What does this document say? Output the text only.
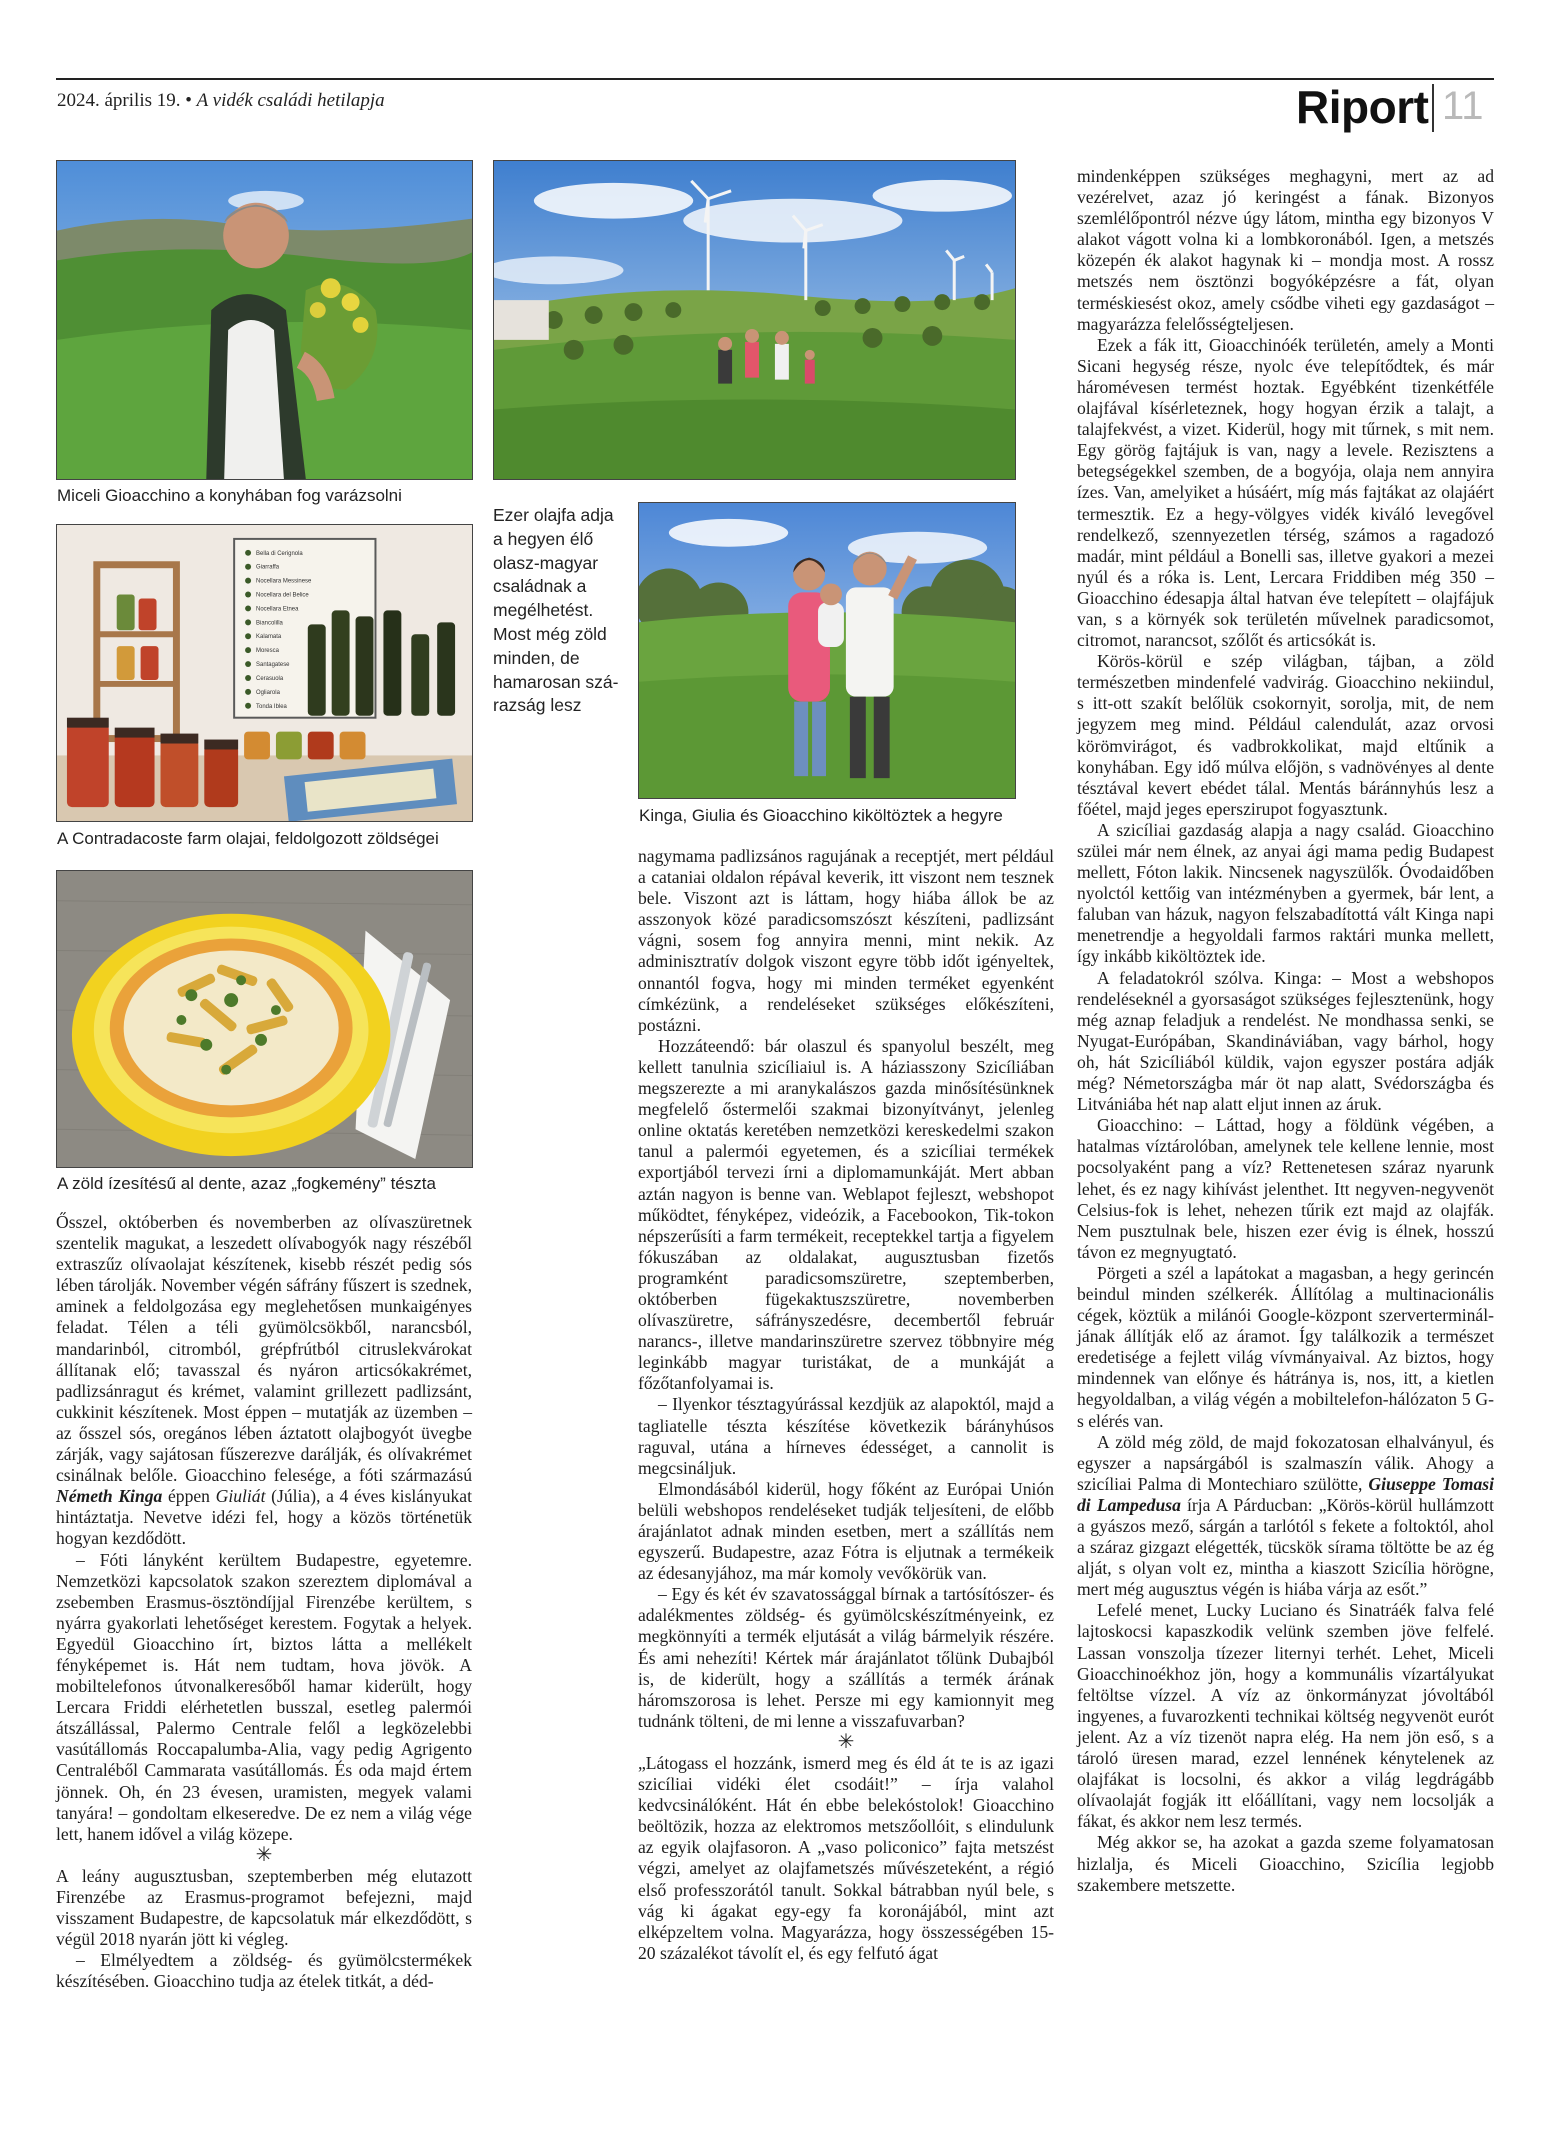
2024. április 19. • A vidék családi hetilapja	Riport 11
Miceli Gioacchino a konyhában fog varázsolni
Bella di Cerignola
Giarraffa
Nocellara Messinese
Nocellara del Belice
Nocellara Etnea
Biancolilla
Kalamata
Moresca
Santagatese
Cerasuola
Ogliarola
Tonda Iblea
A Contradacoste farm olajai, feldolgozott zöldségei
A zöld ízesítésű al dente, azaz „fogkemény” tészta
Ezer olajfa adja a hegyen élő olasz-magyar családnak a megélhetést. Most még zöld minden, de hamarosan szá-razság lesz
Kinga, Giulia és Gioacchino kiköltöztek a hegyre

Ősszel, októberben és novemberben az olívaszüretnek szentelik magukat, a leszedett olívabogyók nagy részéből extraszűz olívaolajat készítenek, kisebb részét pedig sós lében tárolják. November végén sáfrány fűszert is szednek, aminek a feldolgozása egy meglehetősen munkaigényes feladat. Télen a téli gyümölcsökből, narancsból, mandarinból, citromból, grépfrútból citruslekvárokat állítanak elő; tavasszal és nyáron articsókakrémet, padlizsánragut és krémet, valamint grillezett padlizsánt, cukkinit készítenek. Most éppen – mutatják az üzemben – az ősszel sós, oregános lében áztatott olajbogyót üvegbe zárják, vagy sajátosan fűszerezve darálják, és olívakrémet csinálnak belőle. Gioacchino felesége, a fóti származású Németh Kinga éppen Giuliát (Júlia), a 4 éves kislányukat hintáztatja. Nevetve idézi fel, hogy a közös történetük hogyan kezdődött.

– Fóti lányként kerültem Budapestre, egyetemre. Nemzetközi kapcsolatok szakon szereztem diplomával a zsebemben Erasmus-ösztöndíjjal Firenzébe kerültem, s nyárra gyakorlati lehetőséget kerestem. Fogytak a helyek. Egyedül Gioacchino írt, biztos látta a mellékelt fényképemet is. Hát nem tudtam, hova jövök. A mobiltelefonos útvonalkeresőből hamar kiderült, hogy Lercara Friddi elérhetetlen busszal, esetleg palermói átszállással, Palermo Centrale felől a legközelebbi vasútállomás Roccapalumba-Alia, vagy pedig Agrigento Centraléből Cammarata vasútállomás. És oda majd értem jönnek. Oh, én 23 évesen, uramisten, megyek valami tanyára! – gondoltam elkeseredve. De ez nem a világ vége lett, hanem idővel a világ közepe.

✳

A leány augusztusban, szeptemberben még elutazott Firenzébe az Erasmus-programot befejezni, majd visszament Budapestre, de kapcsolatuk már elkezdődött, s végül 2018 nyarán jött ki végleg.

– Elmélyedtem a zöldség- és gyümölcstermékek készítésében. Gioacchino tudja az ételek titkát, a déd-

nagymama padlizsános ragujának a receptjét, mert például a cataniai oldalon répával keverik, itt viszont nem tesznek bele. Viszont azt is láttam, hogy hiába állok be az asszonyok közé paradicsomszószt készíteni, padlizsánt vágni, sosem fog annyira menni, mint nekik. Az adminisztratív dolgok viszont egyre több időt igényeltek, onnantól fogva, hogy mi minden terméket egyenként címkézünk, a rendeléseket szükséges előkészíteni, postázni.

Hozzáteendő: bár olaszul és spanyolul beszélt, meg kellett tanulnia szicíliaiul is. A háziasszony Szicíliában megszerezte a mi aranykalászos gazda minősítésünknek megfelelő őstermelői szakmai bizonyítványt, jelenleg online oktatás keretében nemzetközi kereskedelmi szakon tanul a palermói egyetemen, és a szicíliai termékek exportjából tervezi írni a diplomamunkáját. Mert abban aztán nagyon is benne van. Weblapot fejleszt, webshopot működtet, fényképez, videózik, a Facebookon, Tik-tokon népszerűsíti a farm termékeit, receptekkel tartja a figyelem fókuszában az oldalakat, augusztusban fizetős programként paradicsomszüretre, szeptemberben, októberben fügekaktuszszüretre, novemberben olívaszüretre, sáfrányszedésre, decembertől február narancs-, illetve mandarinszüretre szervez többnyire még leginkább magyar turistákat, de a munkáját a főzőtanfolyamai is.

– Ilyenkor tésztagyúrással kezdjük az alapoktól, majd a tagliatelle tészta készítése következik bárányhúsos raguval, utána a hírneves édességet, a cannolit is megcsináljuk.

Elmondásából kiderül, hogy főként az Európai Unión belüli webshopos rendeléseket tudják teljesíteni, de előbb árajánlatot adnak minden esetben, mert a szállítás nem egyszerű. Budapestre, azaz Fótra is eljutnak a termékeik az édesanyjához, ma már komoly vevőkörük van.

– Egy és két év szavatossággal bírnak a tartósítószer- és adalékmentes zöldség- és gyümölcskészítményeink, ez megkönnyíti a termék eljutását a világ bármelyik részére. És ami nehezíti! Kértek már árajánlatot tőlünk Dubajból is, de kiderült, hogy a szállítás a termék árának háromszorosa is lehet. Persze mi egy kamionnyit meg tudnánk tölteni, de mi lenne a visszafuvarban?

✳

„Látogass el hozzánk, ismerd meg és éld át te is az igazi szicíliai vidéki élet csodáit!” – írja valahol kedvcsinálóként. Hát én ebbe belekóstolok! Gioacchino beöltözik, hozza az elektromos metszőollóit, s elindulunk az egyik olajfasoron. A „vaso policonico” fajta metszést végzi, amelyet az olajfametszés művészeteként, a régió első professzorától tanult. Sokkal bátrabban nyúl bele, s vág ki ágakat egy-egy fa koronájából, mint azt elképzeltem volna. Magyarázza, hogy összességében 15-20 százalékot távolít el, és egy felfutó ágat

mindenképpen szükséges meghagyni, mert az ad vezérelvet, azaz jó keringést a fának. Bizonyos szemlélőpontról nézve úgy látom, mintha egy bizonyos V alakot vágott volna ki a lombkoronából. Igen, a metszés közepén ék alakot hagynak ki – mondja most. A rossz metszés nem ösztönzi bogyóképzésre a fát, olyan terméskiesést okoz, amely csődbe viheti egy gazdaságot – magyarázza felelősségteljesen.

Ezek a fák itt, Gioacchinóék területén, amely a Monti Sicani hegység része, nyolc éve telepítődtek, és már háromévesen termést hoztak. Egyébként tizenkétféle olajfával kísérleteznek, hogy hogyan érzik a talajt, a talajfekvést, a vizet. Kiderül, hogy mit tűrnek, s mit nem. Egy görög fajtájuk is van, nagy a levele. Rezisztens a betegségekkel szemben, de a bogyója, olaja nem annyira ízes. Van, amelyiket a húsáért, míg más fajtákat az olajáért termesztik. Ez a hegy-völgyes vidék kiváló levegővel rendelkező, szennyezetlen térség, számos a ragadozó madár, mint például a Bonelli sas, illetve gyakori a mezei nyúl és a róka is. Lent, Lercara Friddiben még 350 – Gioacchino édesapja által hatvan éve telepített – olajfájuk van, s a környék sok területén művelnek paradicsomot, citromot, narancsot, szőlőt és articsókát is.

Körös-körül e szép világban, tájban, a zöld természetben mindenfelé vadvirág. Gioacchino nekiindul, s itt-ott szakít belőlük csokornyit, sorolja, mit, de nem jegyzem meg mind. Például calendulát, azaz orvosi körömvirágot, és vadbrokkolikat, majd eltűnik a konyhában. Egy idő múlva előjön, s vadnövényes al dente tésztával kevert ebédet tálal. Mentás báránnyhús lesz a főétel, majd jeges eperszirupot fogyasztunk.

A szicíliai gazdaság alapja a nagy család. Gioacchino szülei már nem élnek, az anyai ági mama pedig Budapest mellett, Fóton lakik. Nincsenek nagyszülők. Óvodaidőben nyolctól kettőig van intézményben a gyermek, bár lent, a faluban van házuk, nagyon felszabadítottá vált Kinga napi menetrendje a hegyoldali farmos raktári munka mellett, így inkább kiköltöztek ide.

A feladatokról szólva. Kinga: – Most a webshopos rendeléseknél a gyorsaságot szükséges fejlesztenünk, hogy még aznap feladjuk a rendelést. Ne mondhassa senki, se Nyugat-Európában, Skandináviában, vagy bárhol, hogy oh, hát Szicíliából küldik, vajon egyszer postára adják még? Németországba már öt nap alatt, Svédországba és Litvániába hét nap alatt eljut innen az áruk.

Gioacchino: – Láttad, hogy a földünk végében, a hatalmas víztárolóban, amelynek tele kellene lennie, most pocsolyaként pang a víz? Rettenetesen száraz nyarunk lehet, és ez nagy kihívást jelenthet. Itt negyven-negyvenöt Celsius-fok is lehet, nehezen tűrik ezt majd az olajfák. Nem pusztulnak bele, hiszen ezer évig is élnek, hosszú távon ez megnyugtató.

Pörgeti a szél a lapátokat a magasban, a hegy gerincén beindul minden szélkerék. Állítólag a multinacionális cégek, köztük a milánói Google-központ szervertermináljának állítják elő az áramot. Így találkozik a természet eredetisége a fejlett világ vívmányaival. Az biztos, hogy mindennek van előnye és hátránya is, nos, itt, a kietlen hegyoldalban, a világ végén a mobiltelefon-hálózaton 5 G-s elérés van.

A zöld még zöld, de majd fokozatosan elhalványul, és egyszer a napsárgából is szalmaszín válik. Ahogy a szicíliai Palma di Montechiaro szülötte, Giuseppe Tomasi di Lampedusa írja A Párducban: „Körös-körül hullámzott a gyászos mező, sárgán a tarlótól s fekete a foltoktól, ahol a száraz gizgazt elégették, tücskök sírama töltötte be az ég alját, s olyan volt ez, mintha a kiaszott Szicília hörögne, mert még augusztus végén is hiába várja az esőt.”

Lefelé menet, Lucky Luciano és Sinatráék falva felé lajtoskocsi kapaszkodik velünk szemben jöve felfelé. Lassan vonszolja tízezer liternyi terhét. Lehet, Miceli Gioacchinoékhoz jön, hogy a kommunális vízartályukat feltöltse vízzel. A víz az önkormányzat jóvoltából ingyenes, a fuvarozkenti technikai költség negyvenöt eurót jelent. Az a víz tizenöt napra elég. Ha nem jön eső, s a tároló üresen marad, ezzel lennének kénytelenek az olajfákat is locsolni, és akkor a világ legdrágább olívaolaját fogják itt előállítani, vagy nem locsolják a fákat, és akkor nem lesz termés.

Még akkor se, ha azokat a gazda szeme folyamatosan hizlalja, és Miceli Gioacchino, Szicília legjobb szakembere metszette.
